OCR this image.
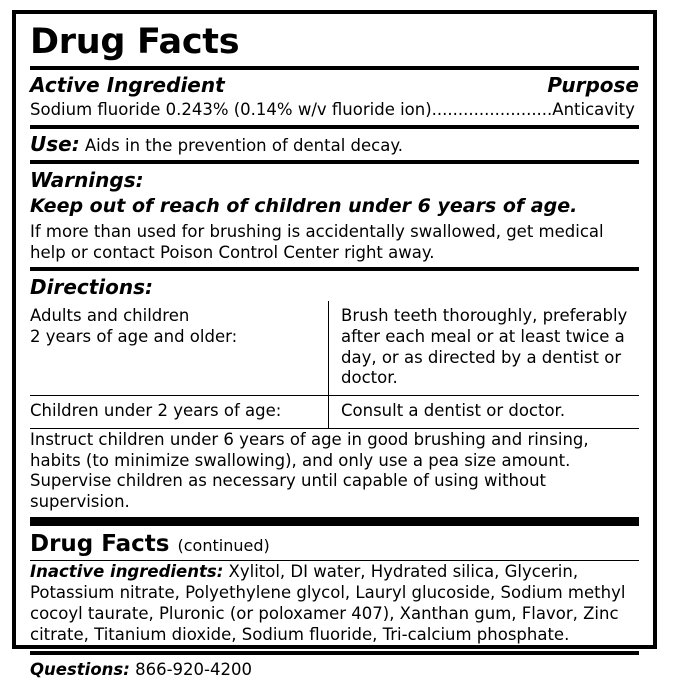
Drug Facts
Active Ingredient	Purpose
Sodium fluoride 0.243% (0.14% w/v fluoride ion).......................Anticavity
Use: Aids in the prevention of dental decay.
Warnings:
Keep out of reach of children under 6 years of age.
If more than used for brushing is accidentally swallowed, get medical help or contact Poison Control Center right away.
Directions:
Adults and children
2 years of age and older:	Brush teeth thoroughly, preferably after each meal or at least twice a day, or as directed by a dentist or doctor.
Children under 2 years of age:	Consult a dentist or doctor.
Instruct children under 6 years of age in good brushing and rinsing, habits (to minimize swallowing), and only use a pea size amount. Supervise children as necessary until capable of using without supervision.
Drug Facts (continued)
Inactive ingredients: Xylitol, DI water, Hydrated silica, Glycerin, Potassium nitrate, Polyethylene glycol, Lauryl glucoside, Sodium methyl cocoyl taurate, Pluronic (or poloxamer 407), Xanthan gum, Flavor, Zinc citrate, Titanium dioxide, Sodium fluoride, Tri-calcium phosphate.
Questions: 866-920-4200
